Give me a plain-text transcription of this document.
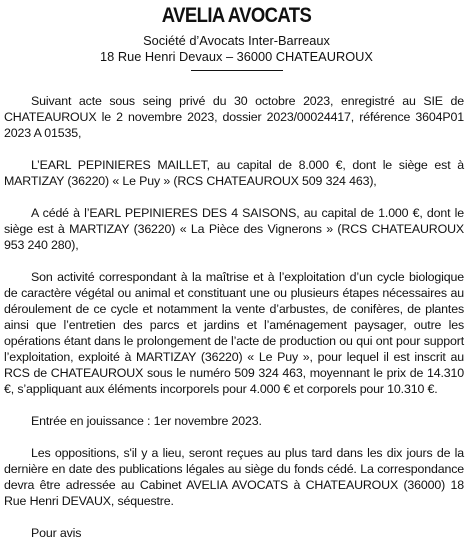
AVELIA AVOCATS

Société d’Avocats Inter-Barreaux

18 Rue Henri Devaux – 36000 CHATEAUROUX

Suivant acte sous seing privé du 30 octobre 2023, enregistré au SIE de CHATEAUROUX le 2 novembre 2023, dossier 2023/00024417, référence 3604P01 2023 A 01535,

L’EARL PEPINIERES MAILLET, au capital de 8.000 €, dont le siège est à MARTIZAY (36220) « Le Puy » (RCS CHATEAUROUX 509 324 463),

A cédé à l’EARL PEPINIERES DES 4 SAISONS, au capital de 1.000 €, dont le siège est à MARTIZAY (36220) « La Pièce des Vignerons » (RCS CHATEAUROUX 953 240 280),

Son activité correspondant à la maîtrise et à l’exploitation d’un cycle biologique de caractère végétal ou animal et constituant une ou plusieurs étapes nécessaires au déroulement de ce cycle et notamment la vente d’arbustes, de conifères, de plantes ainsi que l’entretien des parcs et jardins et l’aménagement paysager, outre les opérations étant dans le prolongement de l’acte de production ou qui ont pour support l’exploitation, exploité à MARTIZAY (36220) « Le Puy », pour lequel il est inscrit au RCS de CHATEAUROUX sous le numéro 509 324 463, moyennant le prix de 14.310 €, s’appliquant aux éléments incorporels pour 4.000 € et corporels pour 10.310 €.

Entrée en jouissance : 1er novembre 2023.

Les oppositions, s'il y a lieu, seront reçues au plus tard dans les dix jours de la dernière en date des publications légales au siège du fonds cédé. La correspondance devra être adressée au Cabinet AVELIA AVOCATS à CHATEAUROUX (36000) 18 Rue Henri DEVAUX, séquestre.

Pour avis
